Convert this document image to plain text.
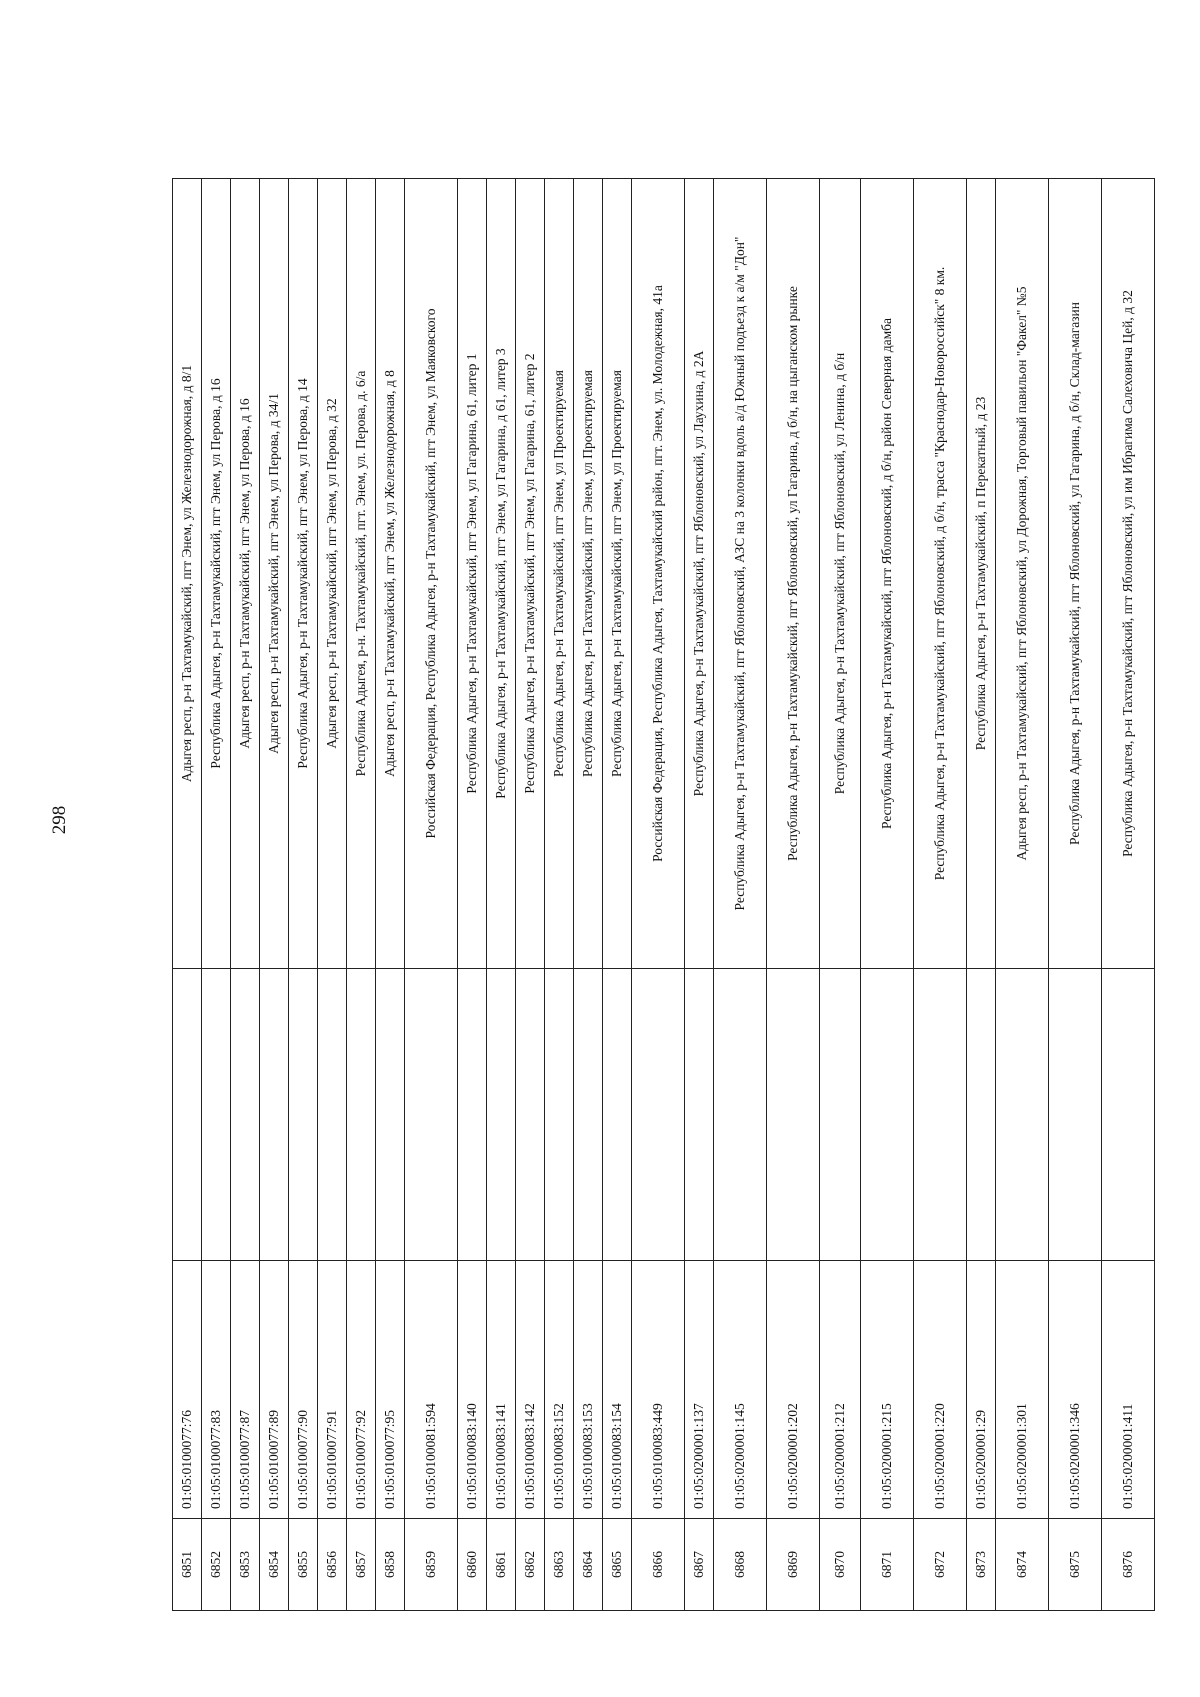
298
6851	01:05:0100077:76		Адыгея респ, р-н Тахтамукайский, пгт Энем, ул Железнодорожная, д 8/1
6852	01:05:0100077:83		Республика Адыгея, р-н Тахтамукайский, пгт Энем, ул Перова, д 16
6853	01:05:0100077:87		Адыгея респ, р-н Тахтамукайский, пгт Энем, ул Перова, д 16
6854	01:05:0100077:89		Адыгея респ, р-н Тахтамукайский, пгт Энем, ул Перова, д 34/1
6855	01:05:0100077:90		Республика Адыгея, р-н Тахтамукайский, пгт Энем, ул Перова, д 14
6856	01:05:0100077:91		Адыгея респ, р-н Тахтамукайский, пгт Энем, ул Перова, д 32
6857	01:05:0100077:92		Республика Адыгея, р-н. Тахтамукайский, пгт. Энем, ул. Перова, д. 6/а
6858	01:05:0100077:95		Адыгея респ, р-н Тахтамукайский, пгт Энем, ул Железнодорожная, д 8
6859	01:05:0100081:594		Российская Федерация, Республика Адыгея, р-н Тахтамукайский, пгт Энем, ул Маяковского
6860	01:05:0100083:140		Республика Адыгея, р-н Тахтамукайский, пгт Энем, ул Гагарина, 61, литер 1
6861	01:05:0100083:141		Республика Адыгея, р-н Тахтамукайский, пгт Энем, ул Гагарина, д 61, литер 3
6862	01:05:0100083:142		Республика Адыгея, р-н Тахтамукайский, пгт Энем, ул Гагарина, 61, литер 2
6863	01:05:0100083:152		Республика Адыгея, р-н Тахтамукайский, пгт Энем, ул Проектируемая
6864	01:05:0100083:153		Республика Адыгея, р-н Тахтамукайский, пгт Энем, ул Проектируемая
6865	01:05:0100083:154		Республика Адыгея, р-н Тахтамукайский, пгт Энем, ул Проектируемая
6866	01:05:0100083:449		Российская Федерация, Республика Адыгея, Тахтамукайский район, пгт. Энем, ул. Молодежная, 41а
6867	01:05:0200001:137		Республика Адыгея, р-н Тахтамукайский, пгт Яблоновский, ул Лаухина, д 2А
6868	01:05:0200001:145		Республика Адыгея, р-н Тахтамукайский, пгт Яблоновский, АЗС на 3 колонки вдоль а/д Южный подъезд к а/м "Дон"
6869	01:05:0200001:202		Республика Адыгея, р-н Тахтамукайский, пгт Яблоновский, ул Гагарина, д б/н, на цыганском рынке
6870	01:05:0200001:212		Республика Адыгея, р-н Тахтамукайский, пгт Яблоновский, ул Ленина, д б/н
6871	01:05:0200001:215		Республика Адыгея, р-н Тахтамукайский, пгт Яблоновский, д б/н, район Северная дамба
6872	01:05:0200001:220		Республика Адыгея, р-н Тахтамукайский, пгт Яблоновский, д б/н, трасса "Краснодар-Новороссийск" 8 км.
6873	01:05:0200001:29		Республика Адыгея, р-н Тахтамукайский, п Перекатный, д 23
6874	01:05:0200001:301		Адыгея респ, р-н Тахтамукайский, пгт Яблоновский, ул Дорожная, Торговый павильон "Факел" №5
6875	01:05:0200001:346		Республика Адыгея, р-н Тахтамукайский, пгт Яблоновский, ул Гагарина, д б/н, Склад-магазин
6876	01:05:0200001:411		Республика Адыгея, р-н Тахтамукайский, пгт Яблоновский, ул им Ибрагима Салеховича Цей, д 32
